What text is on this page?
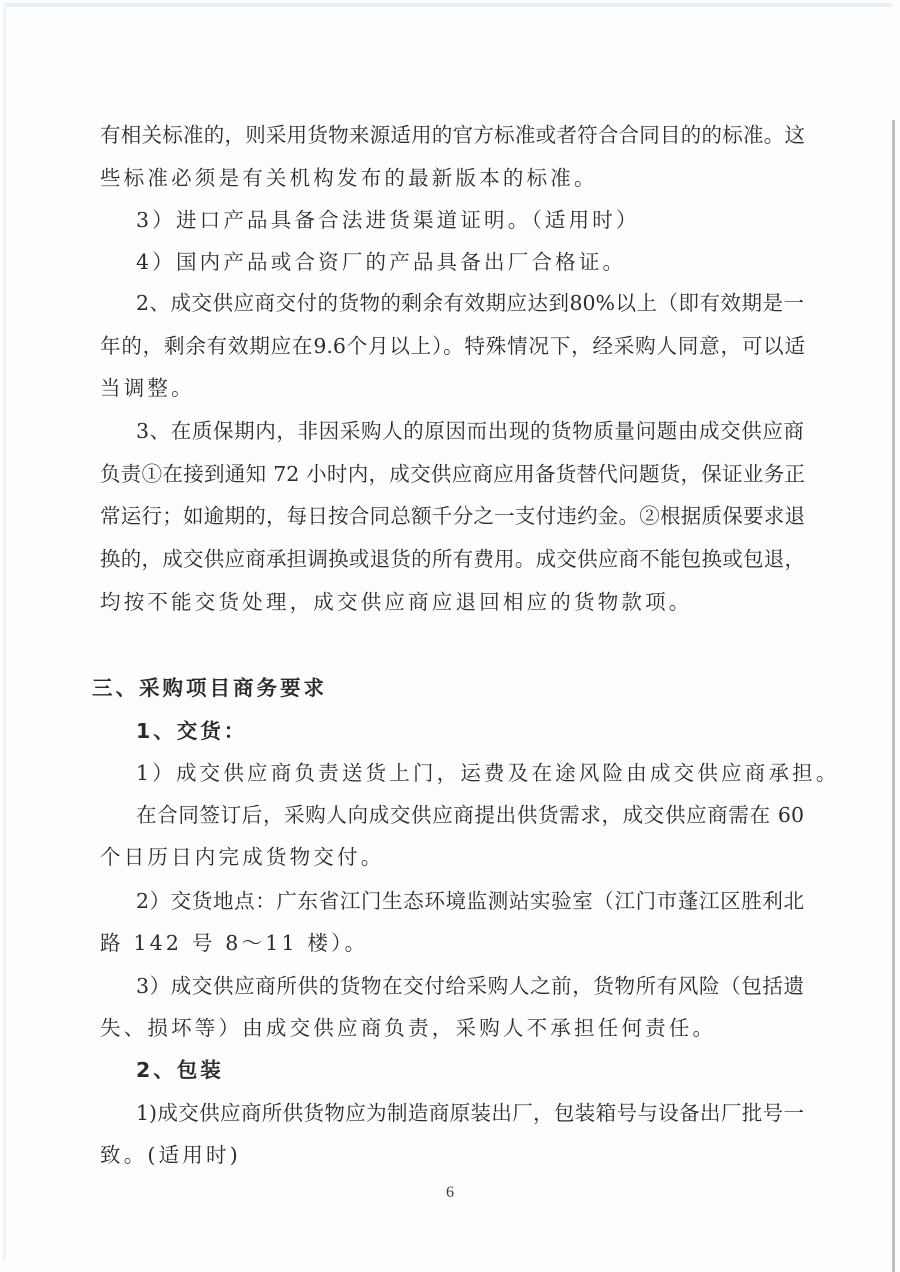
有相关标准的，则采用货物来源适用的官方标准或者符合合同目的的标准。这
些标准必须是有关机构发布的最新版本的标准。
3）进口产品具备合法进货渠道证明。（适用时）
4）国内产品或合资厂的产品具备出厂合格证。
2、成交供应商交付的货物的剩余有效期应达到80%以上（即有效期是一
年的，剩余有效期应在9.6个月以上）。特殊情况下，经采购人同意，可以适
当调整。
3、在质保期内，非因采购人的原因而出现的货物质量问题由成交供应商
负责①在接到通知 72 小时内，成交供应商应用备货替代问题货，保证业务正
常运行；如逾期的，每日按合同总额千分之一支付违约金。②根据质保要求退
换的，成交供应商承担调换或退货的所有费用。成交供应商不能包换或包退，
均按不能交货处理，成交供应商应退回相应的货物款项。
三、采购项目商务要求
1、交货：
1）成交供应商负责送货上门，运费及在途风险由成交供应商承担。
在合同签订后，采购人向成交供应商提出供货需求，成交供应商需在 60
个日历日内完成货物交付。
2）交货地点：广东省江门生态环境监测站实验室（江门市蓬江区胜利北
路 142 号 8～11 楼）。
3）成交供应商所供的货物在交付给采购人之前，货物所有风险（包括遗
失、损坏等）由成交供应商负责，采购人不承担任何责任。
2、包装
1)成交供应商所供货物应为制造商原装出厂，包装箱号与设备出厂批号一
致。(适用时)
6
